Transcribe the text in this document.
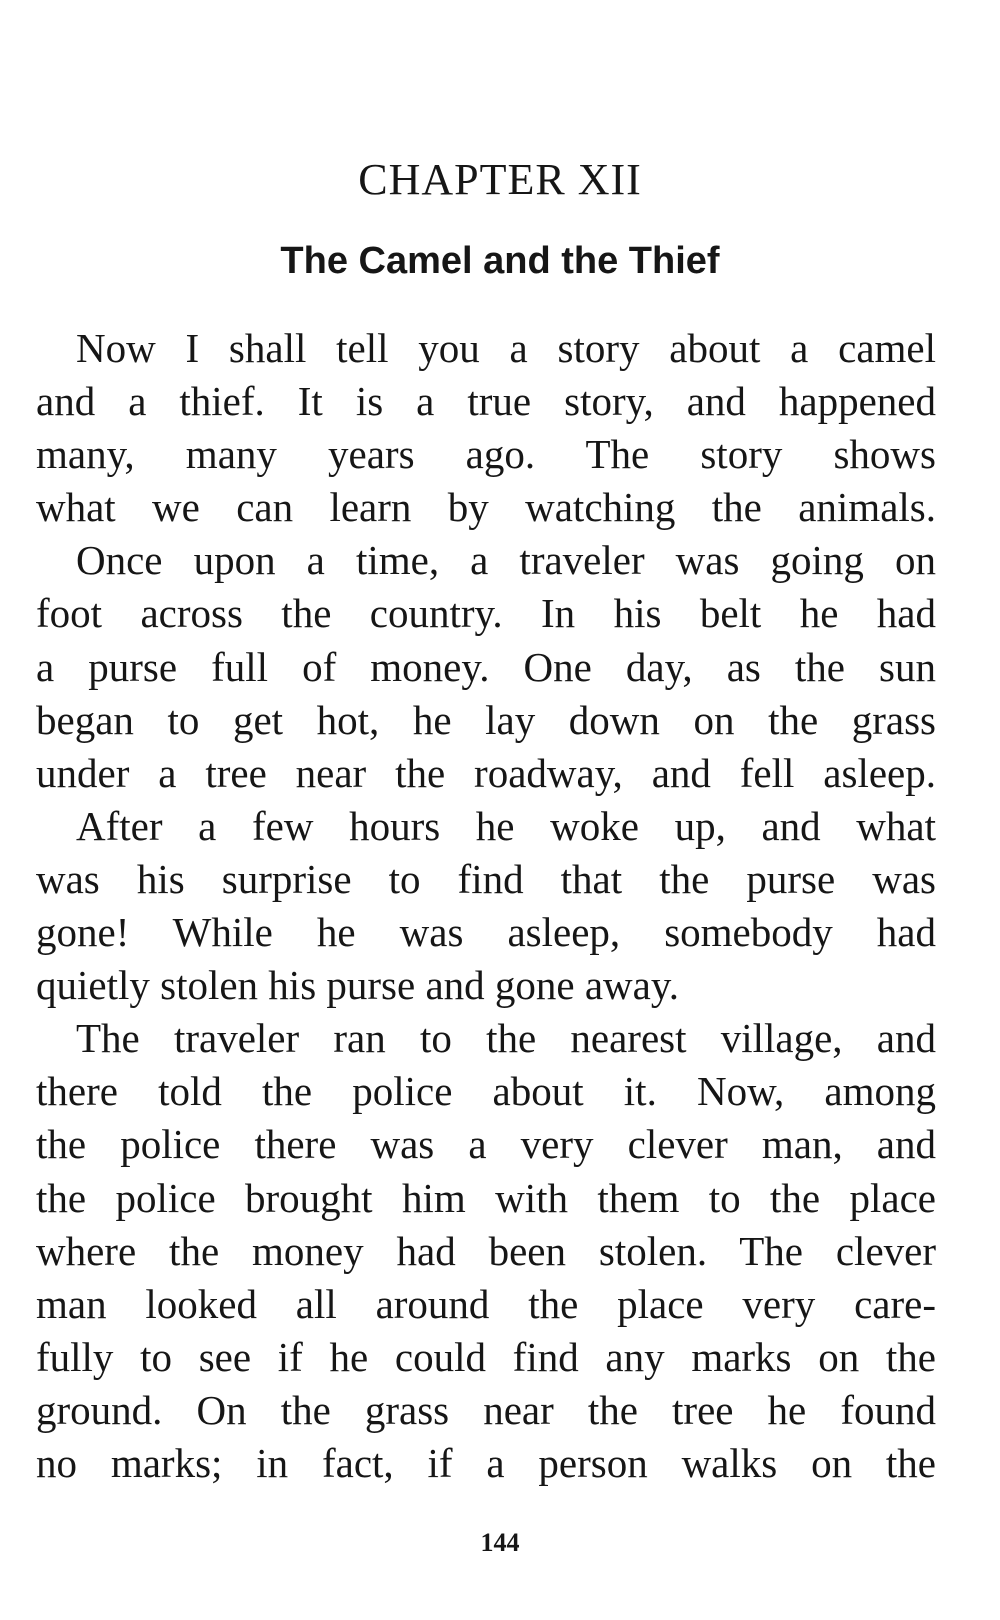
CHAPTER XII
The Camel and the Thief
Now I shall tell you a story about a camel
and a thief. It is a true story, and happened
many, many years ago. The story shows
what we can learn by watching the animals.
Once upon a time, a traveler was going on
foot across the country. In his belt he had
a purse full of money. One day, as the sun
began to get hot, he lay down on the grass
under a tree near the roadway, and fell asleep.
After a few hours he woke up, and what
was his surprise to find that the purse was
gone! While he was asleep, somebody had
quietly stolen his purse and gone away.
The traveler ran to the nearest village, and
there told the police about it. Now, among
the police there was a very clever man, and
the police brought him with them to the place
where the money had been stolen. The clever
man looked all around the place very care-
fully to see if he could find any marks on the
ground. On the grass near the tree he found
no marks; in fact, if a person walks on the
144
